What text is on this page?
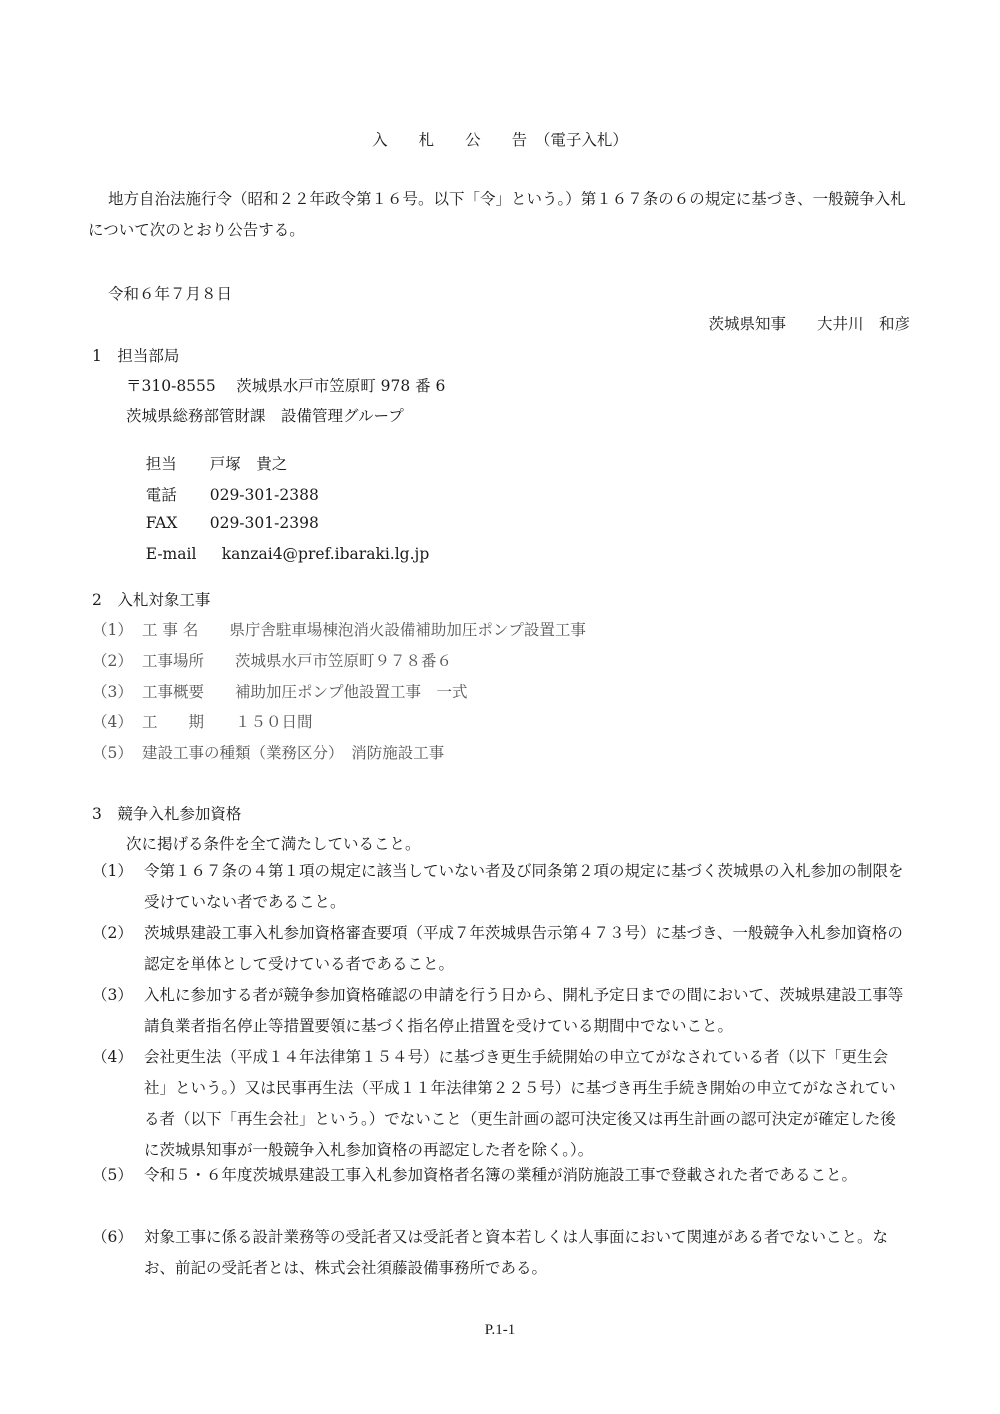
入　　札　　公　　告　（電子入札）
地方自治法施行令（昭和２２年政令第１６号。以下「令」という。）第１６７条の６の規定に基づき、一般競争入札について次のとおり公告する。
令和６年７月８日
茨城県知事　　大井川　和彦
1　担当部局
〒310-8555　 茨城県水戸市笠原町 978 番 6
茨城県総務部管財課　設備管理グループ

担当 戸塚　貴之

電話 029-301-2388

FAX 029-301-2398

E-mail kanzai4@pref.ibaraki.lg.jp

2　入札対象工事
（1） 工 事 名　　県庁舎駐車場棟泡消火設備補助加圧ポンプ設置工事
（2） 工事場所　　茨城県水戸市笠原町９７８番６
（3） 工事概要　　補助加圧ポンプ他設置工事　一式
（4） 工　　期　　１５０日間
（5） 建設工事の種類（業務区分）　消防施設工事
3　競争入札参加資格
次に掲げる条件を全て満たしていること。
（1） 令第１６７条の４第１項の規定に該当していない者及び同条第２項の規定に基づく茨城県の入札参加の制限を受けていない者であること。
（2） 茨城県建設工事入札参加資格審査要項（平成７年茨城県告示第４７３号）に基づき、一般競争入札参加資格の認定を単体として受けている者であること。
（3） 入札に参加する者が競争参加資格確認の申請を行う日から、開札予定日までの間において、茨城県建設工事等請負業者指名停止等措置要領に基づく指名停止措置を受けている期間中でないこと。
（4） 会社更生法（平成１４年法律第１５４号）に基づき更生手続開始の申立てがなされている者（以下「更生会社」という。）又は民事再生法（平成１１年法律第２２５号）に基づき再生手続き開始の申立てがなされている者（以下「再生会社」という。）でないこと（更生計画の認可決定後又は再生計画の認可決定が確定した後に茨城県知事が一般競争入札参加資格の再認定した者を除く。）。
（5） 令和５・６年度茨城県建設工事入札参加資格者名簿の業種が消防施設工事で登載された者であること。
（6） 対象工事に係る設計業務等の受託者又は受託者と資本若しくは人事面において関連がある者でないこと。なお、前記の受託者とは、株式会社須藤設備事務所である。
P.1-1
